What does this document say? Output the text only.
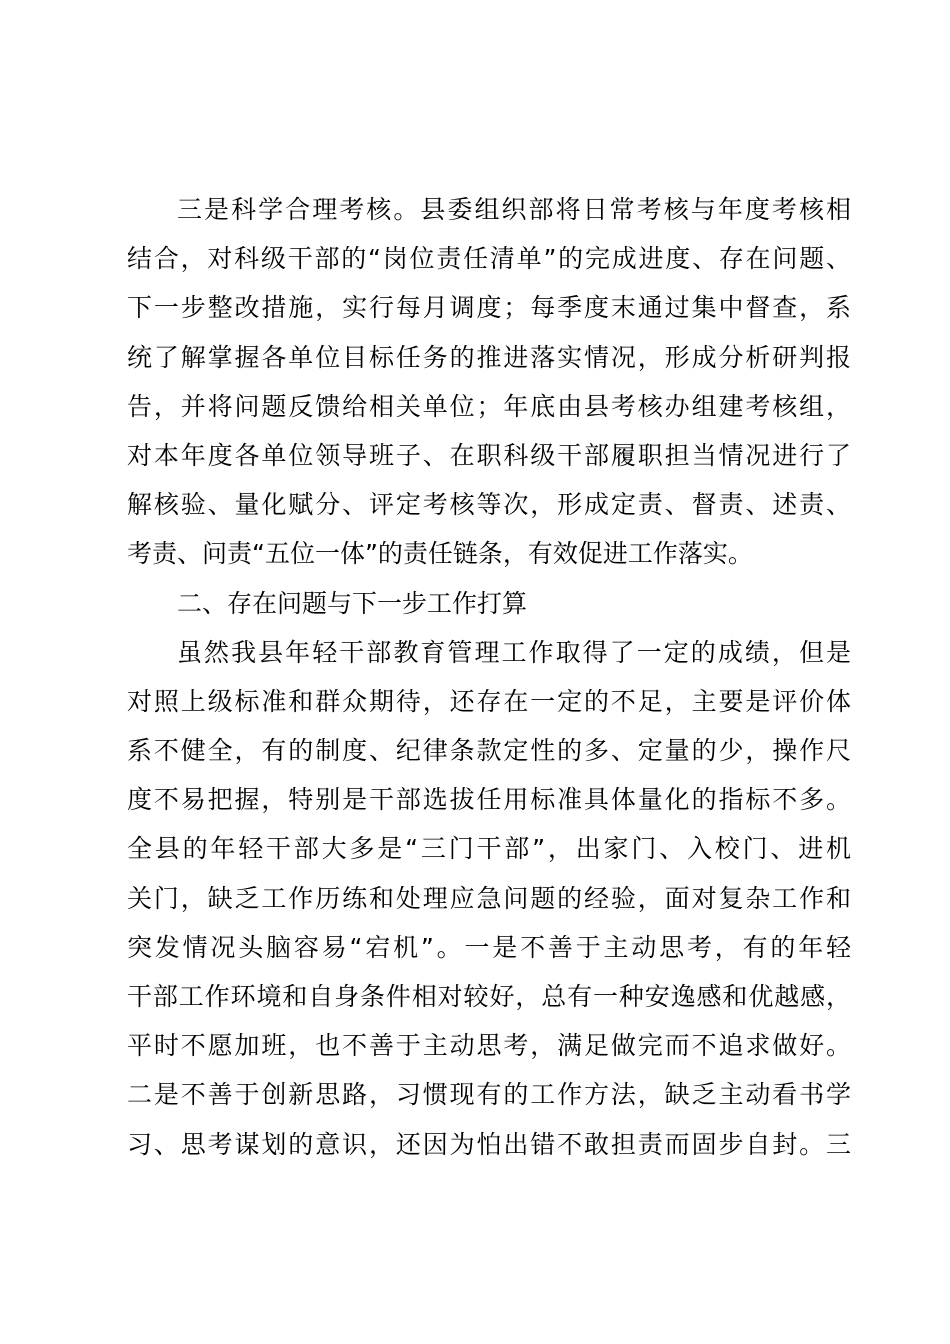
三是科学合理考核。县委组织部将日常考核与年度考核相
结合，对科级干部的“岗位责任清单”的完成进度、存在问题、
下一步整改措施，实行每月调度；每季度末通过集中督查，系
统了解掌握各单位目标任务的推进落实情况，形成分析研判报
告，并将问题反馈给相关单位；年底由县考核办组建考核组，
对本年度各单位领导班子、在职科级干部履职担当情况进行了
解核验、量化赋分、评定考核等次，形成定责、督责、述责、
考责、问责“五位一体”的责任链条，有效促进工作落实。
二、存在问题与下一步工作打算
虽然我县年轻干部教育管理工作取得了一定的成绩，但是
对照上级标准和群众期待，还存在一定的不足，主要是评价体
系不健全，有的制度、纪律条款定性的多、定量的少，操作尺
度不易把握，特别是干部选拔任用标准具体量化的指标不多。
全县的年轻干部大多是“三门干部”，出家门、入校门、进机
关门，缺乏工作历练和处理应急问题的经验，面对复杂工作和
突发情况头脑容易“宕机”。一是不善于主动思考，有的年轻
干部工作环境和自身条件相对较好，总有一种安逸感和优越感，
平时不愿加班，也不善于主动思考，满足做完而不追求做好。
二是不善于创新思路，习惯现有的工作方法，缺乏主动看书学
习、思考谋划的意识，还因为怕出错不敢担责而固步自封。三
